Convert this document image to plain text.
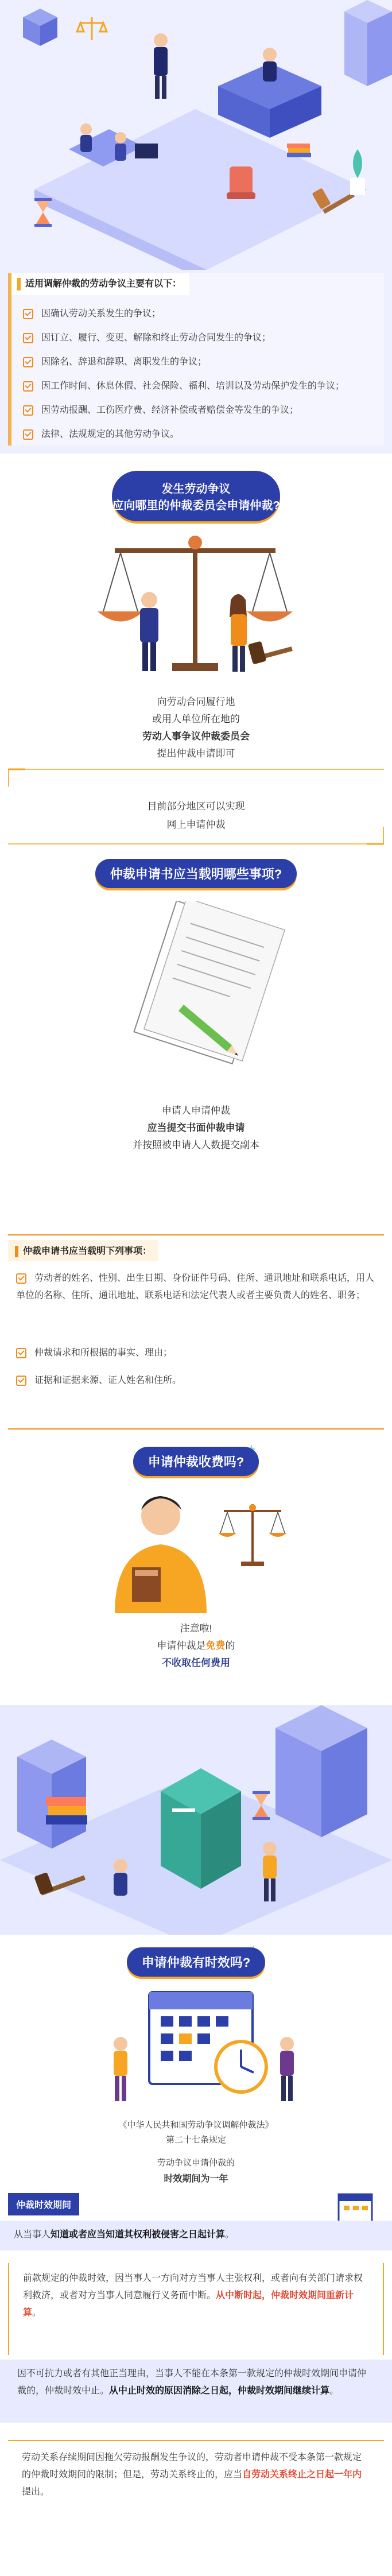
适用调解仲裁的劳动争议主要有以下：
因确认劳动关系发生的争议；
因订立、履行、变更、解除和终止劳动合同发生的争议；
因除名、辞退和辞职、离职发生的争议；
因工作时间、休息休假、社会保险、福利、培训以及劳动保护发生的争议；
因劳动报酬、工伤医疗费、经济补偿或者赔偿金等发生的争议；
法律、法规规定的其他劳动争议。
发生劳动争议
应向哪里的仲裁委员会申请仲裁?
向劳动合同履行地
或用人单位所在地的
劳动人事争议仲裁委员会
提出仲裁申请即可
目前部分地区可以实现
网上申请仲裁
仲裁申请书应当载明哪些事项?
申请人申请仲裁
应当提交书面仲裁申请
并按照被申请人人数提交副本
仲裁申请书应当载明下列事项：
劳动者的姓名、性别、出生日期、身份证件号码、住所、通讯地址和联系电话，用人单位的名称、住所、通讯地址、联系电话和法定代表人或者主要负责人的姓名、职务；
仲裁请求和所根据的事实、理由；
证据和证据来源、证人姓名和住所。
申请仲裁收费吗?
注意啦!
申请仲裁是免费的
不收取任何费用
申请仲裁有时效吗?
《中华人民共和国劳动争议调解仲裁法》
第二十七条规定
劳动争议申请仲裁的
时效期间为一年
仲裁时效期间
从当事人知道或者应当知道其权利被侵害之日起计算。
前款规定的仲裁时效，因当事人一方向对方当事人主张权利，或者向有关部门请求权利救济，或者对方当事人同意履行义务而中断。从中断时起，仲裁时效期间重新计算。
因不可抗力或者有其他正当理由，当事人不能在本条第一款规定的仲裁时效期间申请仲裁的，仲裁时效中止。从中止时效的原因消除之日起，仲裁时效期间继续计算。
劳动关系存续期间因拖欠劳动报酬发生争议的，劳动者申请仲裁不受本条第一款规定的仲裁时效期间的限制；但是，劳动关系终止的，应当自劳动关系终止之日起一年内提出。
